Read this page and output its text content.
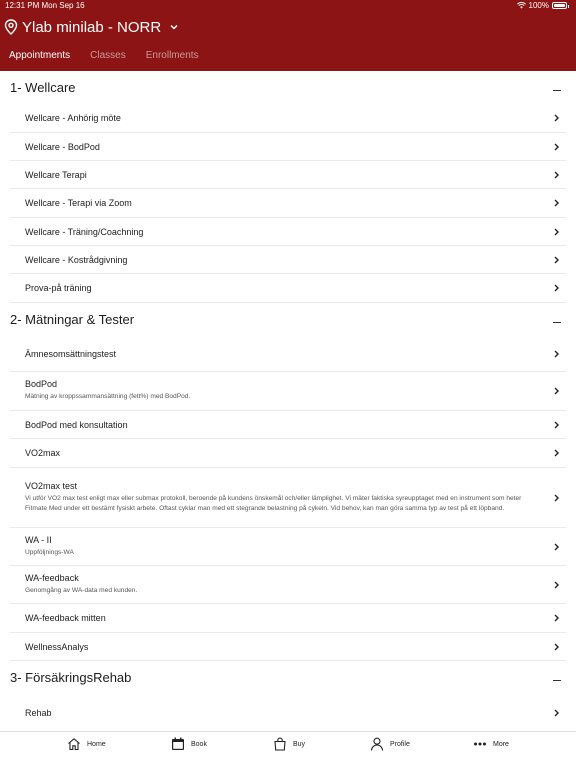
12:31 PM Mon Sep 16	100%
Ylab minilab - NORR
Appointments Classes Enrollments
1- Wellcare
Wellcare - Anhörig möte
Wellcare - BodPod
Wellcare Terapi
Wellcare - Terapi via Zoom
Wellcare - Träning/Coachning
Wellcare - Kostrådgivning
Prova-på träning
2- Mätningar & Tester
Ämnesomsättningstest
BodPod
Mätning av kroppssammansättning (fett%) med BodPod.
BodPod med konsultation
VO2max
VO2max test
Vi utför VO2 max test enligt max eller submax protokoll, beroende på kundens önskemål och/eller lämplighet. Vi mäter faktiska syreupptaget med en instrument som heter Fitmate Med under ett bestämt fysiskt arbete. Oftast cyklar man med ett stegrande belastning på cykeln. Vid behov, kan man göra samma typ av test på ett löpband.
WA - II
Uppföljnings-WA
WA-feedback
Genomgång av WA-data med kunden.
WA-feedback mitten
WellnessAnalys
3- FörsäkringsRehab
Rehab
Home	Book	Buy	Profile	More
